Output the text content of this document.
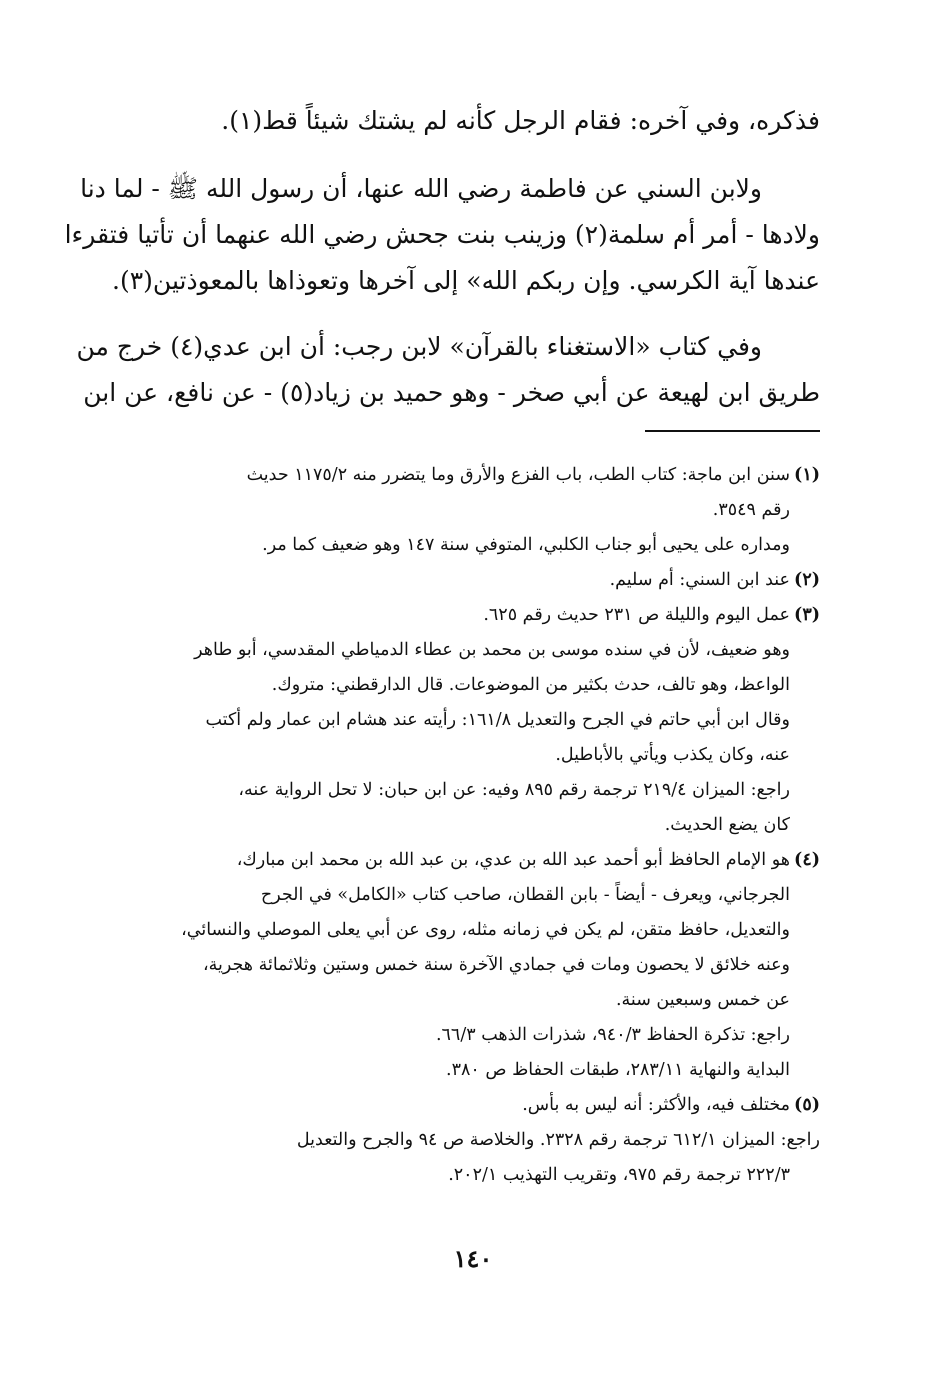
فذكره، وفي آخره: فقام الرجل كأنه لم يشتك شيئاً قط(١).

ولابن السني عن فاطمة رضي الله عنها، أن رسول الله ﷺ - لما دنا
ولادها - أمر أم سلمة(٢) وزينب بنت جحش رضي الله عنهما أن تأتيا فتقرءا
عندها آية الكرسي. وإن ربكم الله» إلى آخرها وتعوذاها بالمعوذتين(٣).

وفي كتاب «الاستغناء بالقرآن» لابن رجب: أن ابن عدي(٤) خرج من
طريق ابن لهيعة عن أبي صخر - وهو حميد بن زياد(٥) - عن نافع، عن ابن

(١)سنن ابن ماجة: كتاب الطب، باب الفزع والأرق وما يتضرر منه ١١٧٥/٢ حديث
رقم ٣٥٤٩.
ومداره على يحيى أبو جناب الكلبي، المتوفي سنة ١٤٧ وهو ضعيف كما مر.
(٢)عند ابن السني: أم سليم.
(٣)عمل اليوم والليلة ص ٢٣١ حديث رقم ٦٢٥.
وهو ضعيف، لأن في سنده موسى بن محمد بن عطاء الدمياطي المقدسي، أبو طاهر
الواعظ، وهو تالف، حدث بكثير من الموضوعات. قال الدارقطني: متروك.
وقال ابن أبي حاتم في الجرح والتعديل ١٦١/٨: رأيته عند هشام ابن عمار ولم أكتب
عنه، وكان يكذب ويأتي بالأباطيل.
راجع: الميزان ٢١٩/٤ ترجمة رقم ٨٩٥ وفيه: عن ابن حبان: لا تحل الرواية عنه،
كان يضع الحديث.
(٤)هو الإمام الحافظ أبو أحمد عبد الله بن عدي، بن عبد الله بن محمد ابن مبارك،
الجرجاني، ويعرف - أيضاً - بابن القطان، صاحب كتاب «الكامل» في الجرح
والتعديل، حافظ متقن، لم يكن في زمانه مثله، روى عن أبي يعلى الموصلي والنسائي،
وعنه خلائق لا يحصون ومات في جمادي الآخرة سنة خمس وستين وثلاثمائة هجرية،
عن خمس وسبعين سنة.
راجع: تذكرة الحفاظ ٩٤٠/٣، شذرات الذهب ٦٦/٣.
البداية والنهاية ٢٨٣/١١، طبقات الحفاظ ص ٣٨٠.
(٥)مختلف فيه، والأكثر: أنه ليس به بأس.
راجع: الميزان ٦١٢/١ ترجمة رقم ٢٣٢٨. والخلاصة ص ٩٤ والجرح والتعديل
٢٢٢/٣ ترجمة رقم ٩٧٥، وتقريب التهذيب ٢٠٢/١.
١٤٠
